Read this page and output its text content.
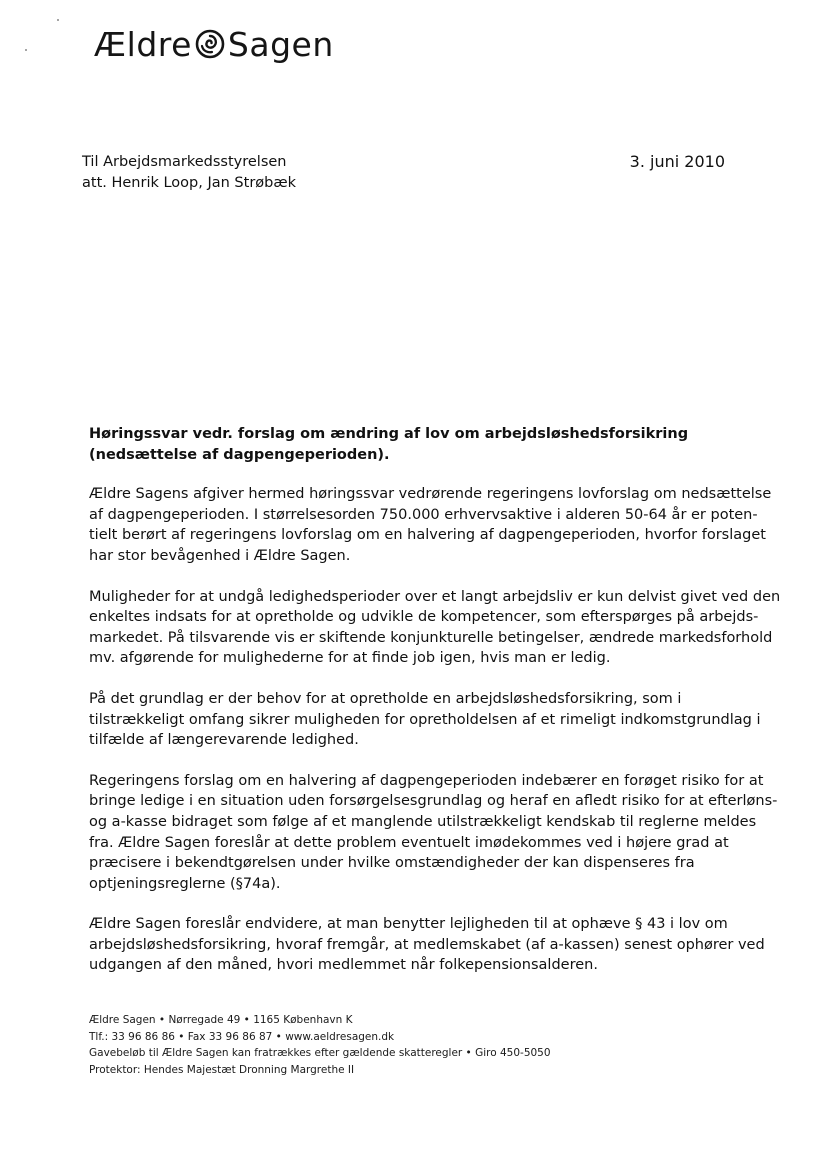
Ældre Sagen
Til Arbejdsmarkedsstyrelsen
att. Henrik Loop, Jan Strøbæk
3. juni 2010
Høringssvar vedr. forslag om ændring af lov om arbejdsløshedsforsikring
(nedsættelse af dagpengeperioden).
Ældre Sagens afgiver hermed høringssvar vedrørende regeringens lovforslag om nedsættelse
af dagpengeperioden. I størrelsesorden 750.000 erhvervsaktive i alderen 50-64 år er poten-
tielt berørt af regeringens lovforslag om en halvering af dagpengeperioden, hvorfor forslaget
har stor bevågenhed i Ældre Sagen.
Muligheder for at undgå ledighedsperioder over et langt arbejdsliv er kun delvist givet ved den
enkeltes indsats for at opretholde og udvikle de kompetencer, som efterspørges på arbejds-
markedet. På tilsvarende vis er skiftende konjunkturelle betingelser, ændrede markedsforhold
mv. afgørende for mulighederne for at finde job igen, hvis man er ledig.
På det grundlag er der behov for at opretholde en arbejdsløshedsforsikring, som i
tilstrækkeligt omfang sikrer muligheden for opretholdelsen af et rimeligt indkomstgrundlag i
tilfælde af længerevarende ledighed.
Regeringens forslag om en halvering af dagpengeperioden indebærer en forøget risiko for at
bringe ledige i en situation uden forsørgelsesgrundlag og heraf en afledt risiko for at efterløns-
og a-kasse bidraget som følge af et manglende utilstrækkeligt kendskab til reglerne meldes
fra. Ældre Sagen foreslår at dette problem eventuelt imødekommes ved i højere grad at
præcisere i bekendtgørelsen under hvilke omstændigheder der kan dispenseres fra
optjeningsreglerne (§74a).
Ældre Sagen foreslår endvidere, at man benytter lejligheden til at ophæve § 43 i lov om
arbejdsløshedsforsikring, hvoraf fremgår, at medlemskabet (af a-kassen) senest ophører ved
udgangen af den måned, hvori medlemmet når folkepensionsalderen.
Ældre Sagen • Nørregade 49 • 1165 København K
Tlf.: 33 96 86 86 • Fax 33 96 86 87 • www.aeldresagen.dk
Gavebeløb til Ældre Sagen kan fratrækkes efter gældende skatteregler • Giro 450-5050
Protektor: Hendes Majestæt Dronning Margrethe II
